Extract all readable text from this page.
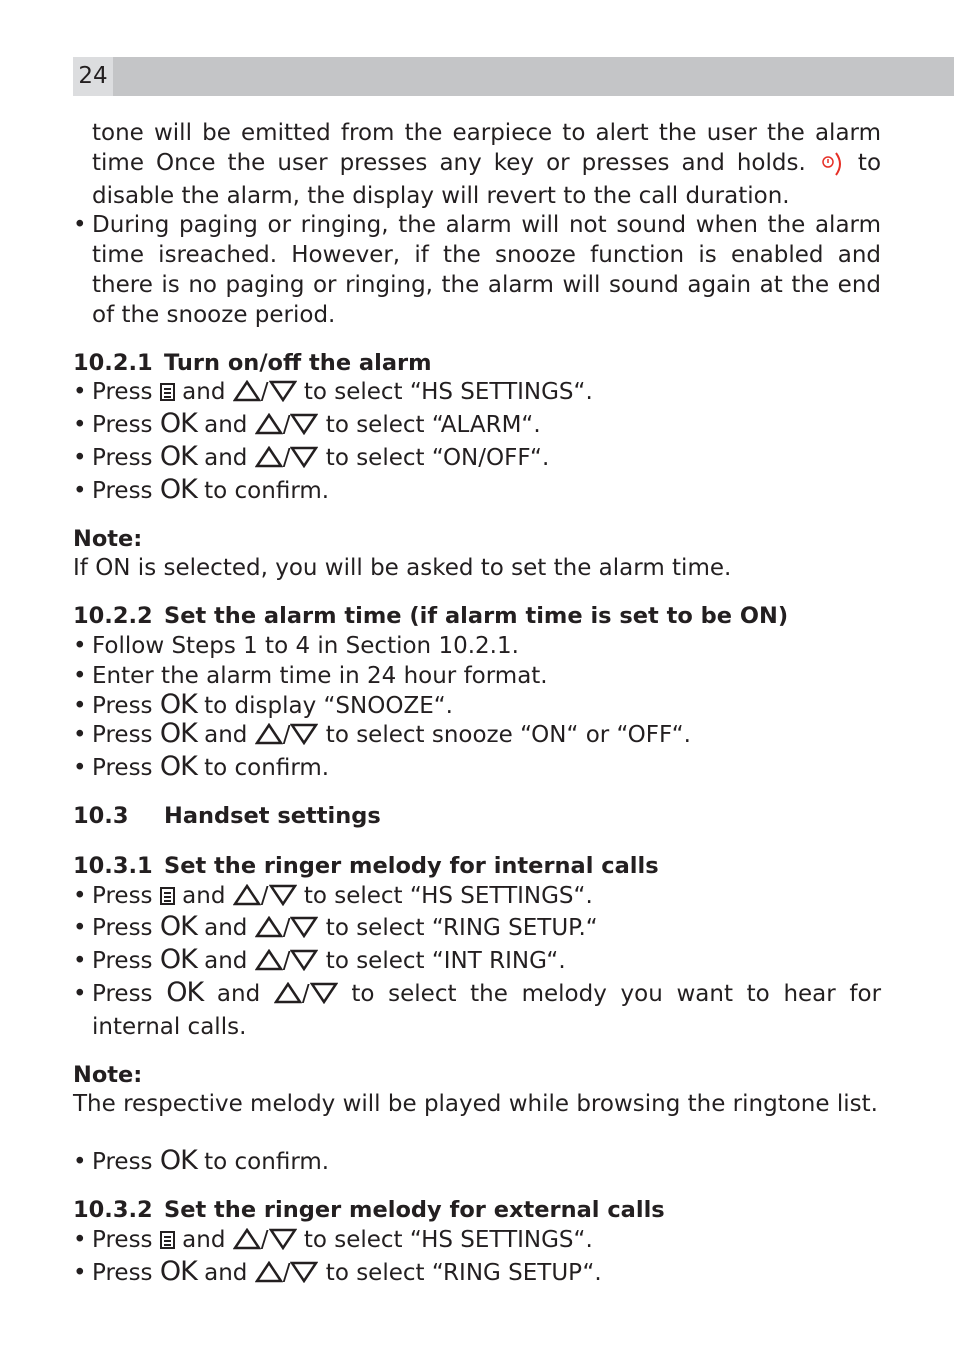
24

tone will be emitted from the earpiece to alert the user the alarm time Once the user presses any key or presses and holds. to disable the alarm, the display will revert to the call duration.

• During paging or ringing, the alarm will not sound when the alarm time isreached. However, if the snooze function is enabled and there is no paging or ringing, the alarm will sound again at the end of the snooze period.

10.2.1 Turn on/off the alarm

• Press and / to select “HS SETTINGS“.
• Press OK and / to select “ALARM“.
• Press OK and / to select “ON/OFF“.
• Press OK to confirm.

Note:

If ON is selected, you will be asked to set the alarm time.

10.2.2 Set the alarm time (if alarm time is set to be ON)

• Follow Steps 1 to 4 in Section 10.2.1.
• Enter the alarm time in 24 hour format.
• Press OK to display “SNOOZE“.
• Press OK and / to select snooze “ON“ or “OFF“.
• Press OK to confirm.

10.3 Handset settings

10.3.1 Set the ringer melody for internal calls

• Press and / to select “HS SETTINGS“.
• Press OK and / to select “RING SETUP.“
• Press OK and / to select “INT RING“.
• Press OK and / to select the melody you want to hear for internal calls.

Note:

The respective melody will be played while browsing the ringtone list.

• Press OK to confirm.

10.3.2 Set the ringer melody for external calls

• Press and / to select “HS SETTINGS“.
• Press OK and / to select “RING SETUP“.
